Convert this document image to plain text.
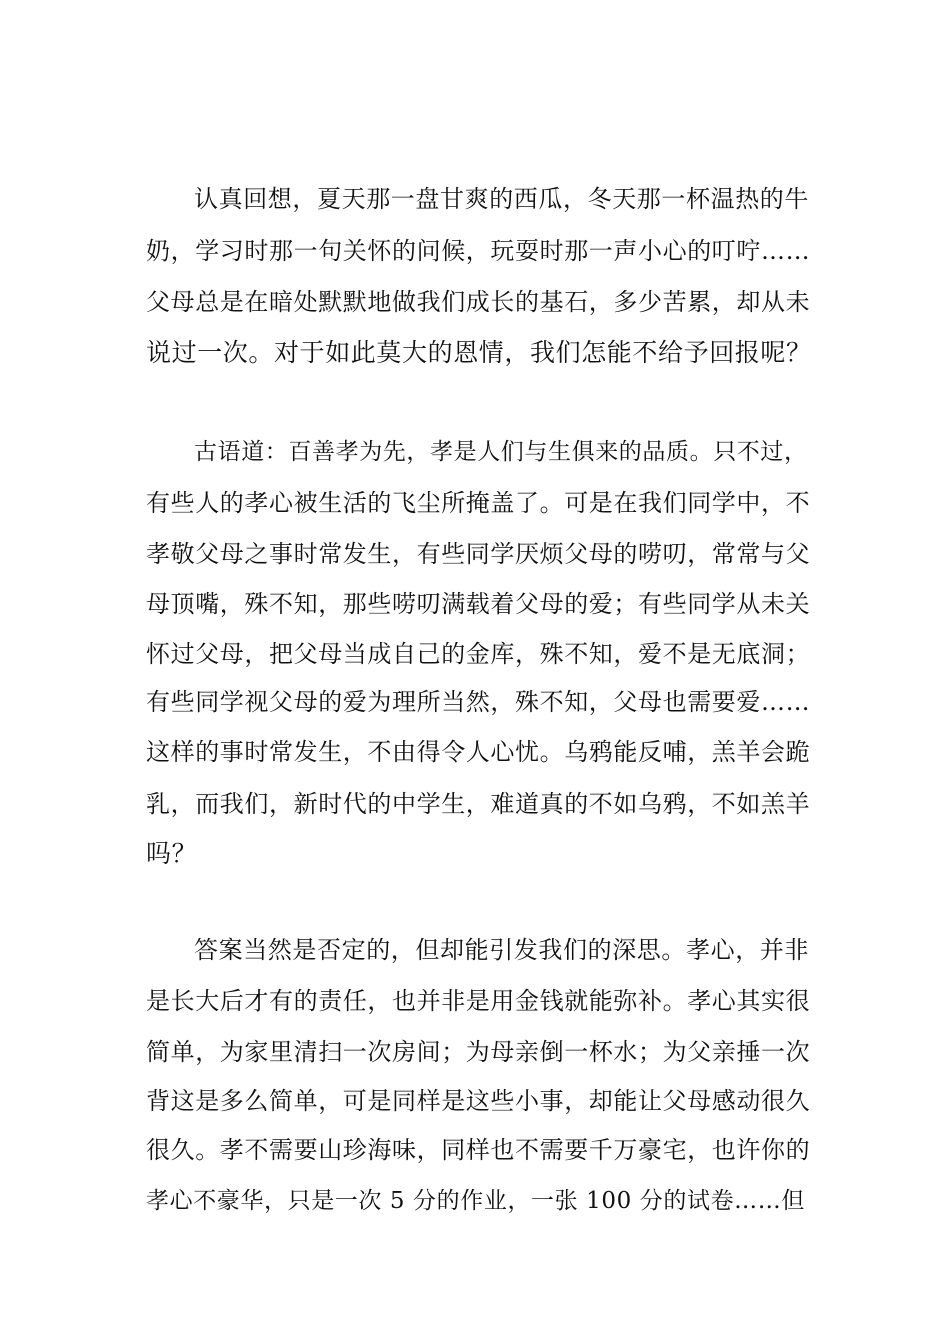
认真回想，夏天那一盘甘爽的西瓜，冬天那一杯温热的牛
奶，学习时那一句关怀的问候，玩耍时那一声小心的叮咛……
父母总是在暗处默默地做我们成长的基石，多少苦累，却从未
说过一次。对于如此莫大的恩情，我们怎能不给予回报呢？
古语道：百善孝为先，孝是人们与生俱来的品质。只不过，
有些人的孝心被生活的飞尘所掩盖了。可是在我们同学中，不
孝敬父母之事时常发生，有些同学厌烦父母的唠叨，常常与父
母顶嘴，殊不知，那些唠叨满载着父母的爱；有些同学从未关
怀过父母，把父母当成自己的金库，殊不知，爱不是无底洞；
有些同学视父母的爱为理所当然，殊不知，父母也需要爱……
这样的事时常发生，不由得令人心忧。乌鸦能反哺，羔羊会跪
乳，而我们，新时代的中学生，难道真的不如乌鸦，不如羔羊
吗？
答案当然是否定的，但却能引发我们的深思。孝心，并非
是长大后才有的责任，也并非是用金钱就能弥补。孝心其实很
简单，为家里清扫一次房间；为母亲倒一杯水；为父亲捶一次
背这是多么简单，可是同样是这些小事，却能让父母感动很久
很久。孝不需要山珍海味，同样也不需要千万豪宅，也许你的
孝心不豪华，只是一次 5 分的作业，一张 100 分的试卷……但
